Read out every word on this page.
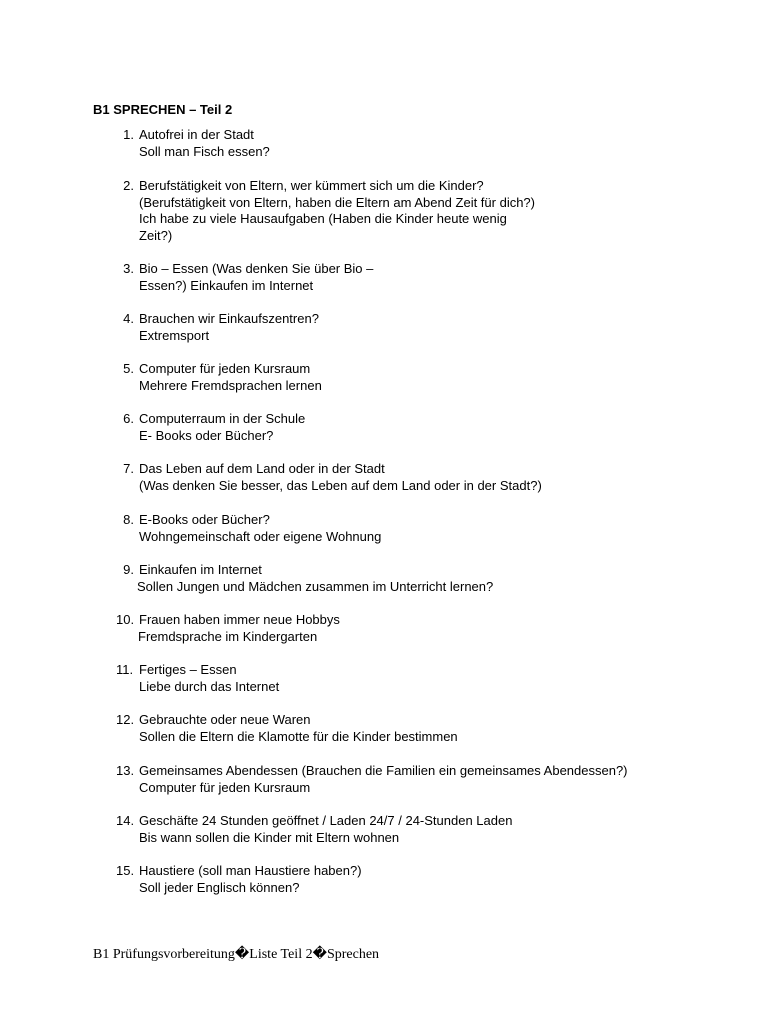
B1 SPRECHEN – Teil 2
1. Autofrei in der Stadt
Soll man Fisch essen?
2. Berufstätigkeit von Eltern, wer kümmert sich um die Kinder?
(Berufstätigkeit von Eltern, haben die Eltern am Abend Zeit für dich?)
Ich habe zu viele Hausaufgaben (Haben die Kinder heute wenig
Zeit?)
3. Bio – Essen (Was denken Sie über Bio –
Essen?) Einkaufen im Internet
4. Brauchen wir Einkaufszentren?
Extremsport
5. Computer für jeden Kursraum
Mehrere Fremdsprachen lernen
6. Computerraum in der Schule
E- Books oder Bücher?
7. Das Leben auf dem Land oder in der Stadt
(Was denken Sie besser, das Leben auf dem Land oder in der Stadt?)
8. E-Books oder Bücher?
Wohngemeinschaft oder eigene Wohnung
9. Einkaufen im Internet
Sollen Jungen und Mädchen zusammen im Unterricht lernen?
10. Frauen haben immer neue Hobbys
Fremdsprache im Kindergarten
11. Fertiges – Essen
Liebe durch das Internet
12. Gebrauchte oder neue Waren
Sollen die Eltern die Klamotte für die Kinder bestimmen
13. Gemeinsames Abendessen (Brauchen die Familien ein gemeinsames Abendessen?)
Computer für jeden Kursraum
14. Geschäfte 24 Stunden geöffnet / Laden 24/7 / 24-Stunden Laden
Bis wann sollen die Kinder mit Eltern wohnen
15. Haustiere (soll man Haustiere haben?)
Soll jeder Englisch können?
B1 Prüfungsvorbereitung�Liste Teil 2�Sprechen
